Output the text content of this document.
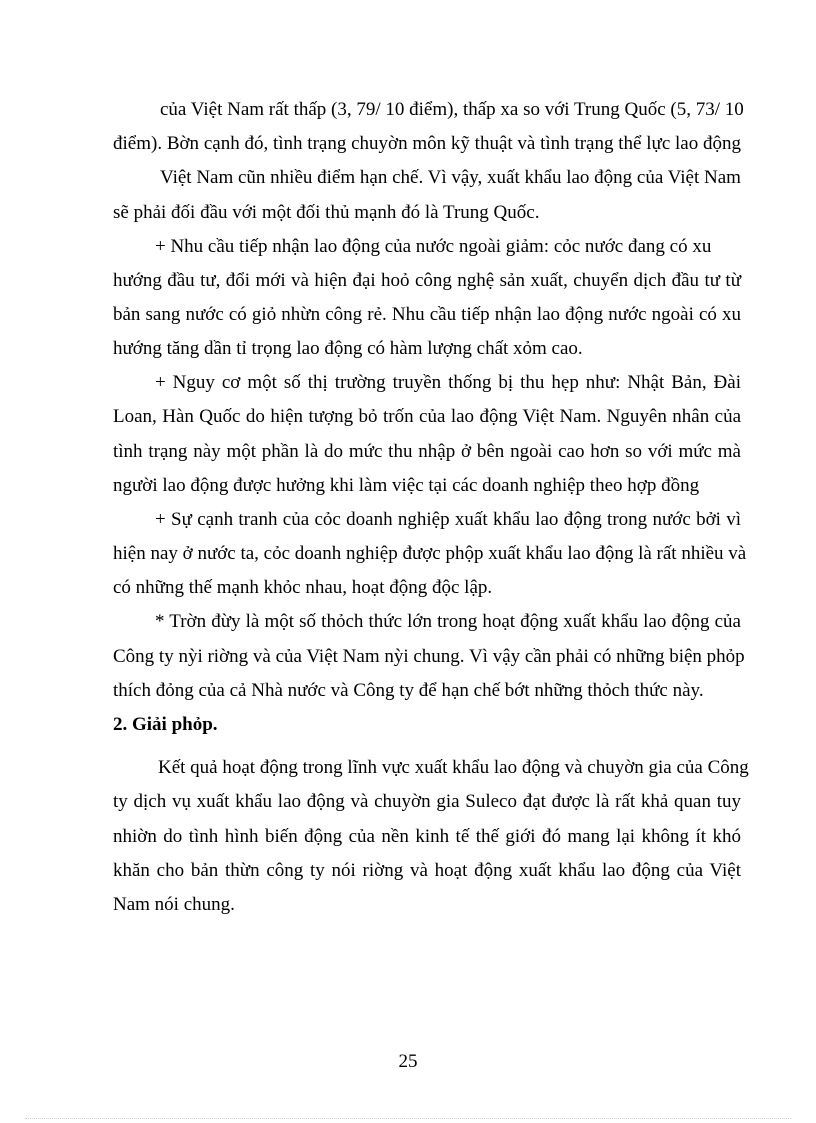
của Việt Nam rất thấp (3, 79/ 10 điểm), thấp xa so với Trung Quốc (5, 73/ 10
điểm). Bờn cạnh đó, tình trạng chuyờn môn kỹ thuật và tình trạng thể lực lao động
Việt Nam cũn nhiều điểm hạn chế. Vì vậy, xuất khẩu lao động của Việt Nam
sẽ phải đối đầu với một đối thủ mạnh đó là Trung Quốc.
+ Nhu cầu tiếp nhận lao động của nước ngoài giảm: cỏc nước đang có xu
hướng đầu tư, đổi mới và hiện đại hoỏ công nghệ sản xuất, chuyển dịch đầu tư từ
bản sang nước có giỏ nhừn công rẻ. Nhu cầu tiếp nhận lao động nước ngoài có xu
hướng tăng dần tỉ trọng lao động có hàm lượng chất xỏm cao.
+ Nguy cơ một số thị trường truyền thống bị thu hẹp như: Nhật Bản, Đài
Loan, Hàn Quốc do hiện tượng bỏ trốn của lao động Việt Nam. Nguyên nhân của
tình trạng này một phần là do mức thu nhập ở bên ngoài cao hơn so với mức mà
người lao động được hưởng khi làm việc tại các doanh nghiệp theo hợp đồng
+ Sự cạnh tranh của cỏc doanh nghiệp xuất khẩu lao động trong nước bởi vì
hiện nay ở nước ta, cỏc doanh nghiệp được phộp xuất khẩu lao động là rất nhiều và
có những thế mạnh khỏc nhau, hoạt động độc lập.
* Trờn đừy là một số thỏch thức lớn trong hoạt động xuất khẩu lao động của
Công ty nỳi riờng và của Việt Nam nỳi chung. Vì vậy cần phải có những biện phỏp
thích đỏng của cả Nhà nước và Công ty để hạn chế bớt những thỏch thức này.
2. Giải phỏp.
Kết quả hoạt động trong lĩnh vực xuất khẩu lao động và chuyờn gia của Công
ty dịch vụ xuất khẩu lao động và chuyờn gia Suleco đạt được là rất khả quan tuy
nhiờn do tình hình biến động của nền kinh tế thế giới đó mang lại không ít khó
khăn cho bản thừn công ty nói riờng và hoạt động xuất khẩu lao động của Việt
Nam nói chung.
25
